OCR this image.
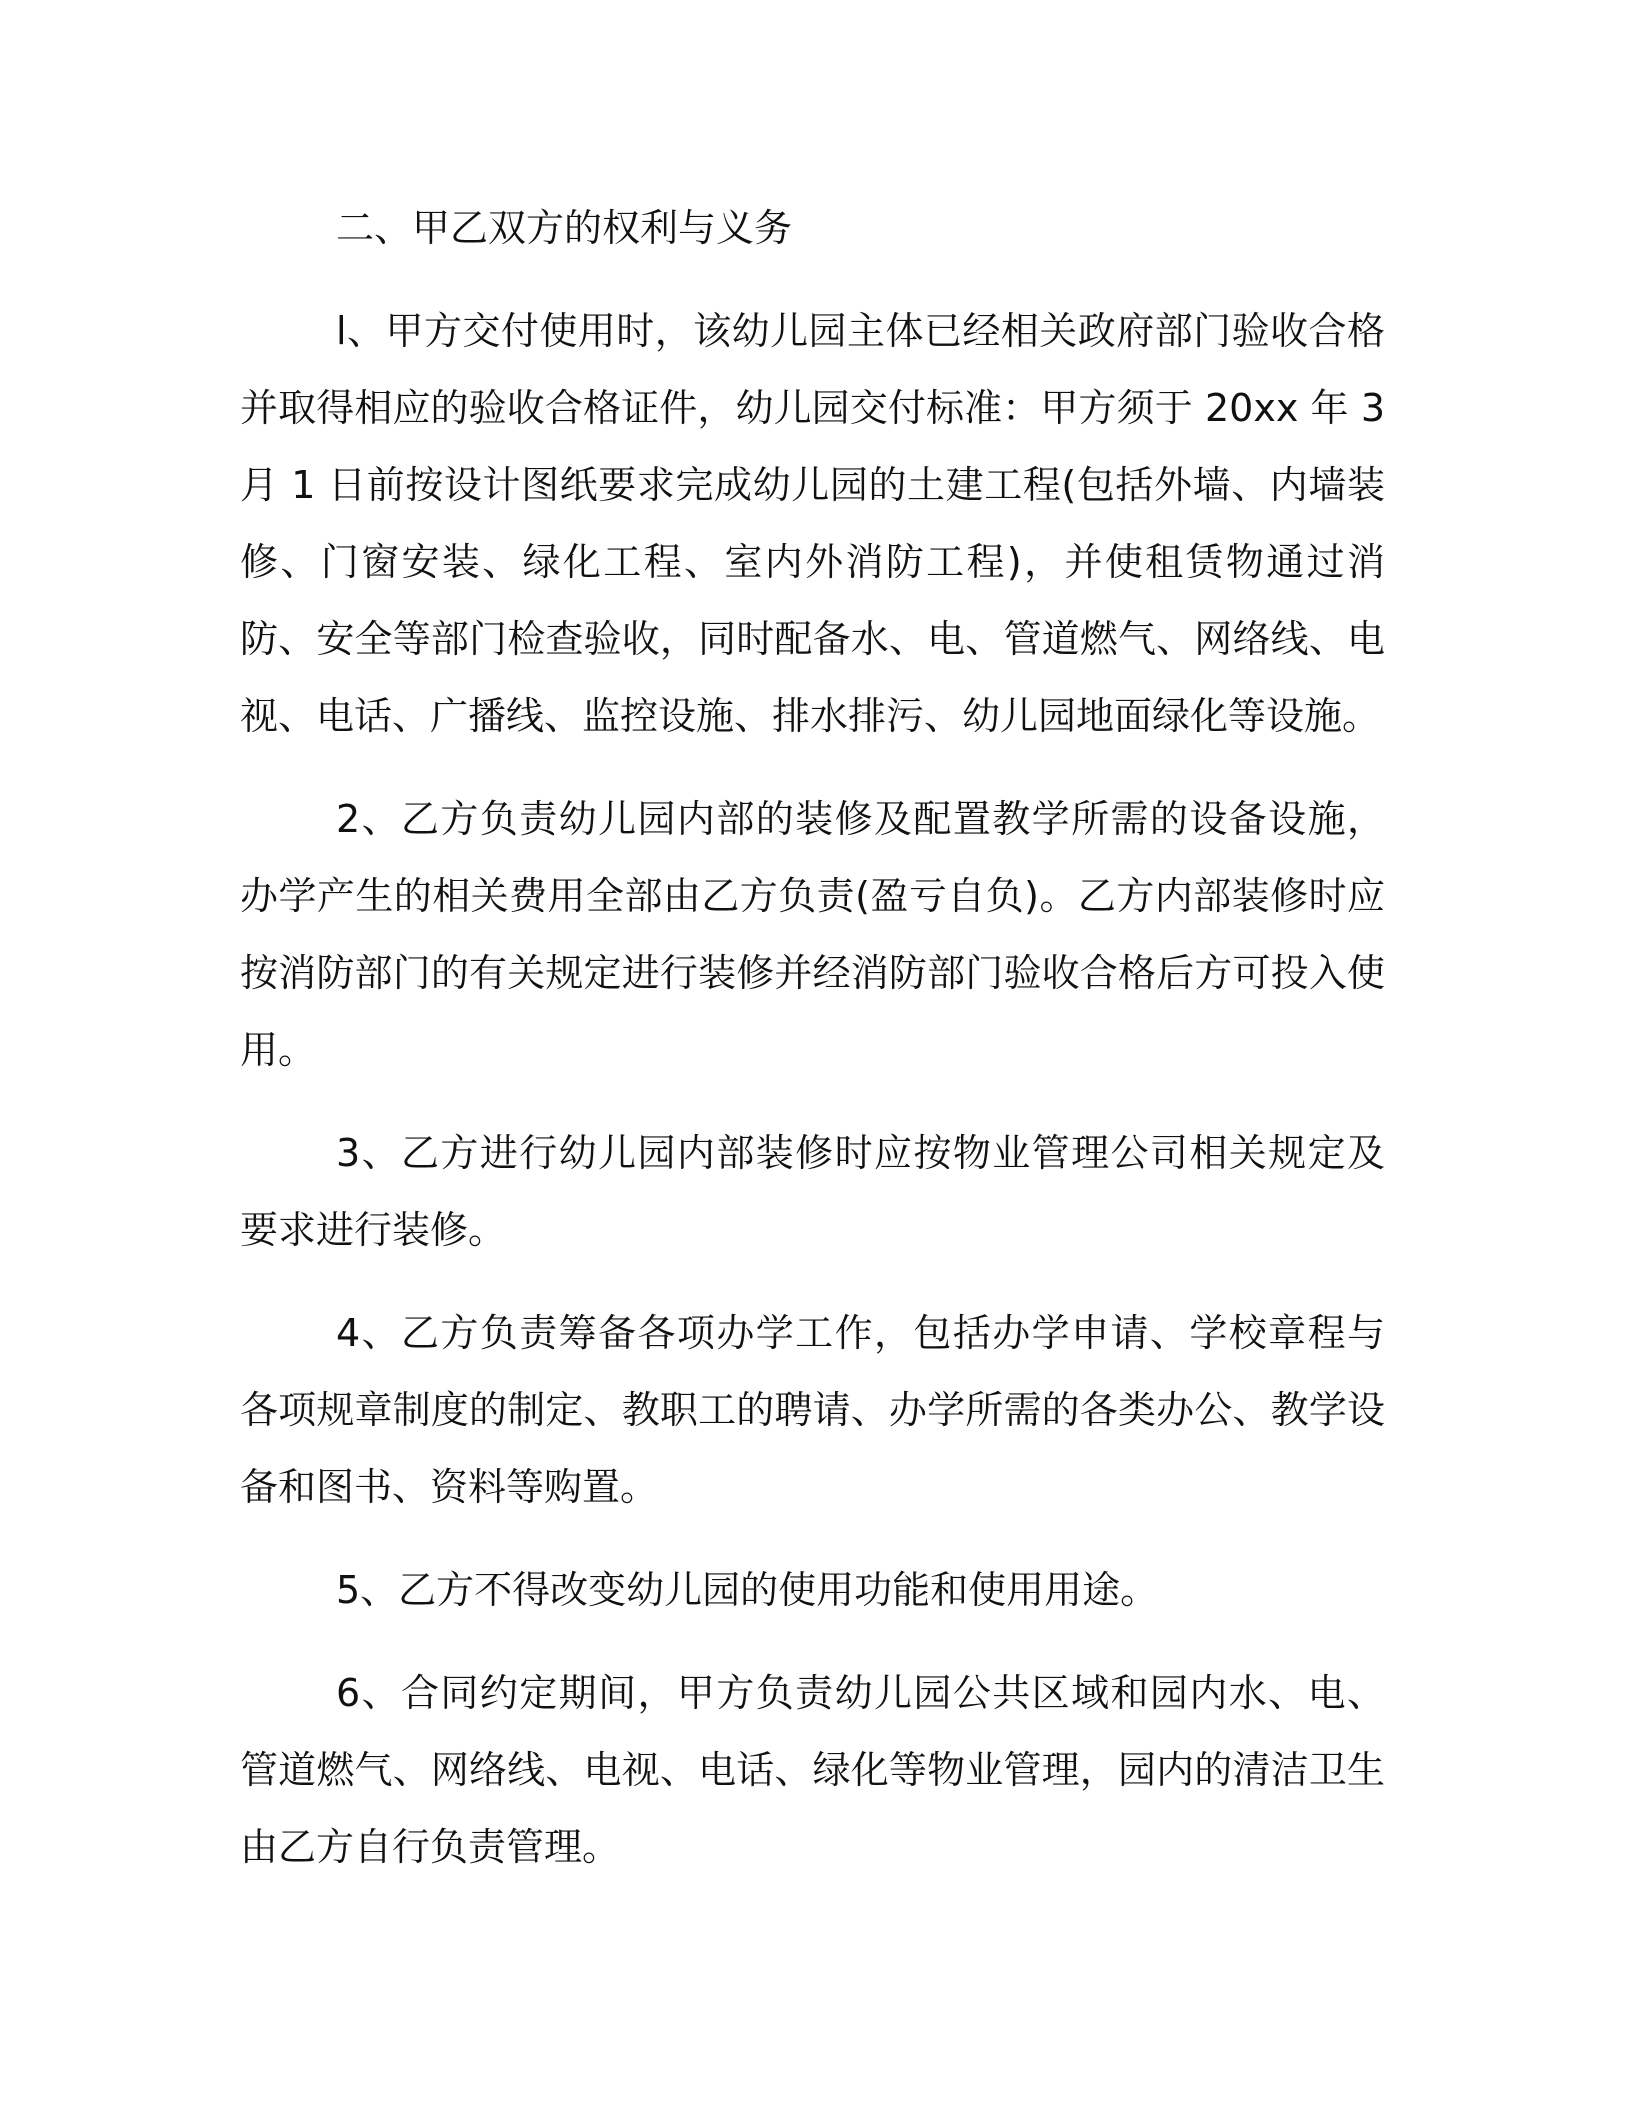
二、甲乙双方的权利与义务

l、甲方交付使用时，该幼儿园主体已经相关政府部门验收合格并取得相应的验收合格证件，幼儿园交付标准：甲方须于 20xx 年 3 月 1 日前按设计图纸要求完成幼儿园的土建工程(包括外墙、内墙装修、门窗安装、绿化工程、室内外消防工程)，并使租赁物通过消防、安全等部门检查验收，同时配备水、电、管道燃气、网络线、电视、电话、广播线、监控设施、排水排污、幼儿园地面绿化等设施。

2、乙方负责幼儿园内部的装修及配置教学所需的设备设施，办学产生的相关费用全部由乙方负责(盈亏自负)。乙方内部装修时应按消防部门的有关规定进行装修并经消防部门验收合格后方可投入使用。

3、乙方进行幼儿园内部装修时应按物业管理公司相关规定及要求进行装修。

4、乙方负责筹备各项办学工作，包括办学申请、学校章程与各项规章制度的制定、教职工的聘请、办学所需的各类办公、教学设备和图书、资料等购置。

5、乙方不得改变幼儿园的使用功能和使用用途。

6、合同约定期间，甲方负责幼儿园公共区域和园内水、电、管道燃气、网络线、电视、电话、绿化等物业管理，园内的清洁卫生由乙方自行负责管理。
